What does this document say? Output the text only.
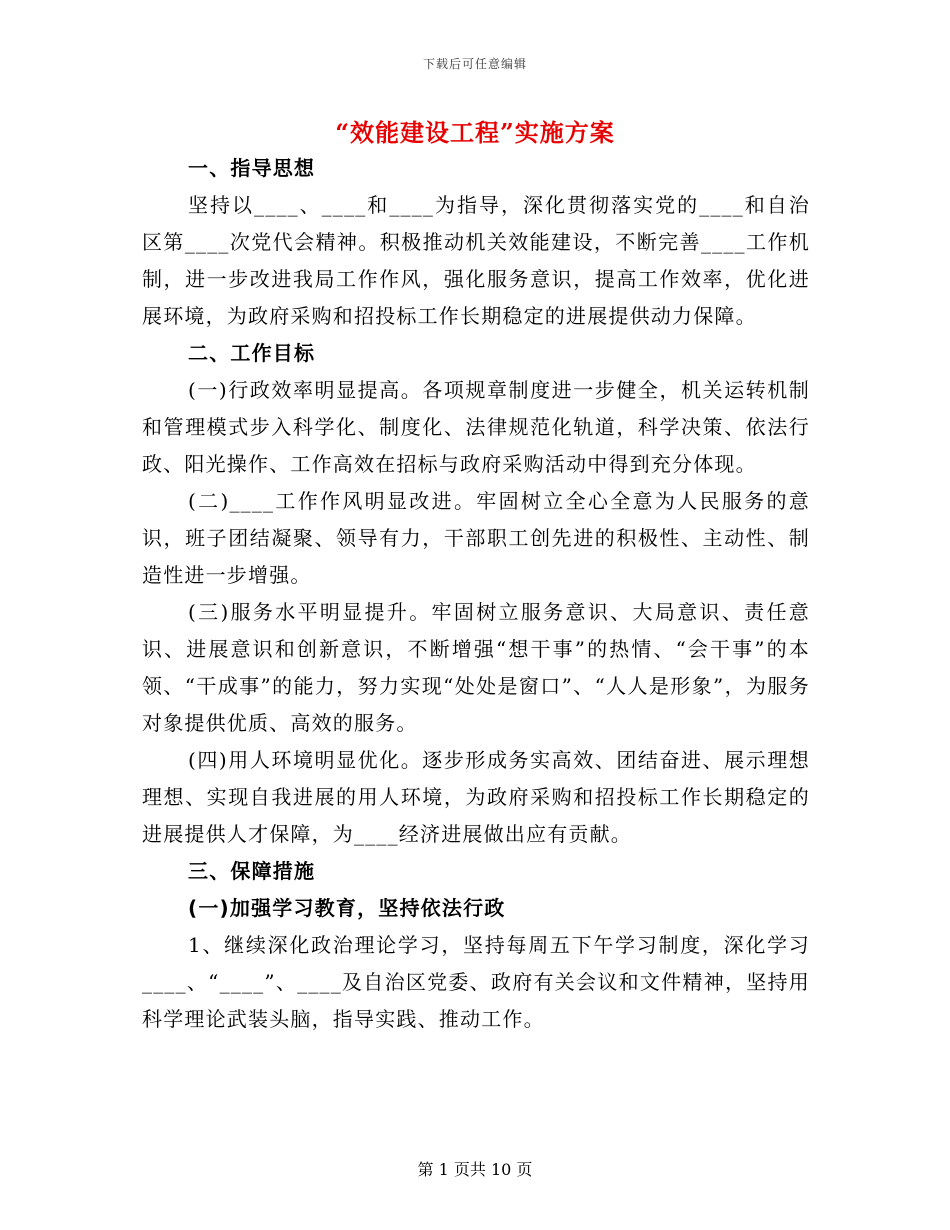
下载后可任意编辑
“效能建设工程”实施方案

一、指导思想

坚持以____、____和____为指导，深化贯彻落实党的____和自治区第____次党代会精神。积极推动机关效能建设，不断完善____工作机制，进一步改进我局工作作风，强化服务意识，提高工作效率，优化进展环境，为政府采购和招投标工作长期稳定的进展提供动力保障。

二、工作目标

(一)行政效率明显提高。各项规章制度进一步健全，机关运转机制和管理模式步入科学化、制度化、法律规范化轨道，科学决策、依法行政、阳光操作、工作高效在招标与政府采购活动中得到充分体现。

(二)____工作作风明显改进。牢固树立全心全意为人民服务的意识，班子团结凝聚、领导有力，干部职工创先进的积极性、主动性、制造性进一步增强。

(三)服务水平明显提升。牢固树立服务意识、大局意识、责任意识、进展意识和创新意识，不断增强“想干事”的热情、“会干事”的本领、“干成事”的能力，努力实现“处处是窗口”、“人人是形象”，为服务对象提供优质、高效的服务。

(四)用人环境明显优化。逐步形成务实高效、团结奋进、展示理想理想、实现自我进展的用人环境，为政府采购和招投标工作长期稳定的进展提供人才保障，为____经济进展做出应有贡献。

三、保障措施

(一)加强学习教育，坚持依法行政

1、继续深化政治理论学习，坚持每周五下午学习制度，深化学习____、“____”、____及自治区党委、政府有关会议和文件精神，坚持用科学理论武装头脑，指导实践、推动工作。

第 1 页共 10 页
